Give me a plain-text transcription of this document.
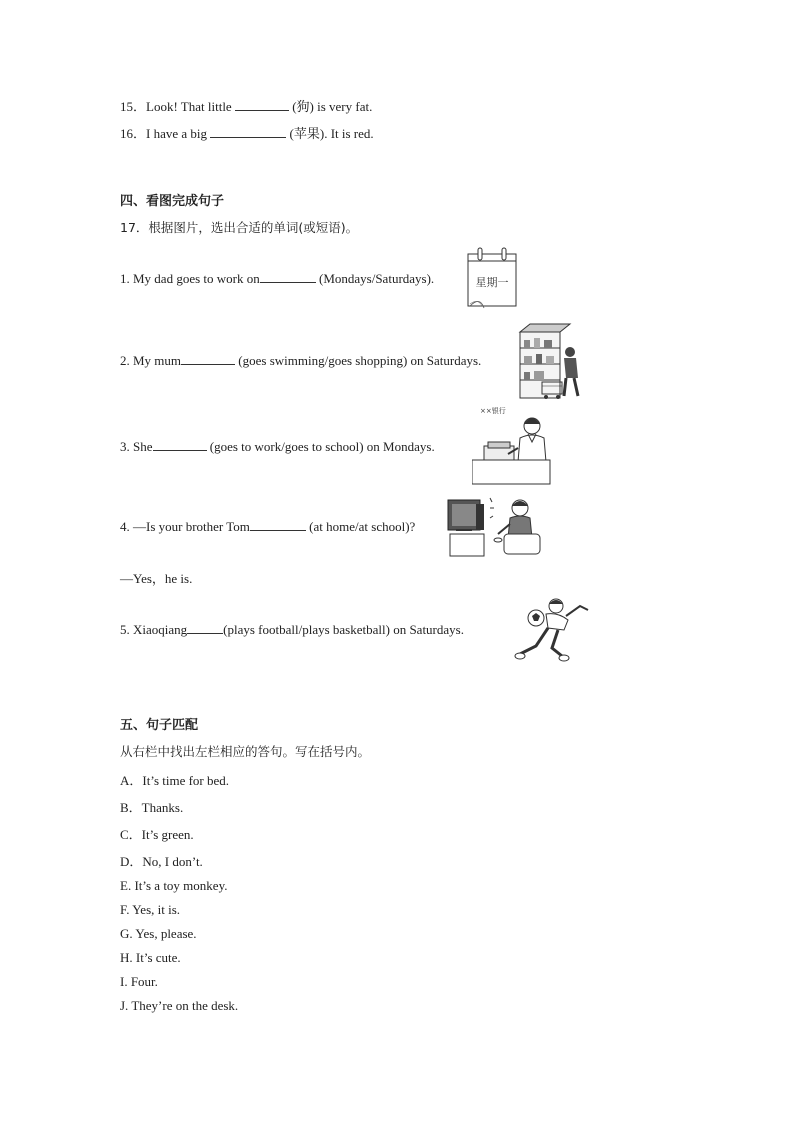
15．Look! That little	(狗) is very fat.
16．I have a big	(苹果). It is red.
四、看图完成句子
17．根据图片，选出合适的单词(或短语)。
1. My dad goes to work on	(Mondays/Saturdays).
2. My mum	(goes swimming/goes shopping) on Saturdays.
3. She	(goes to work/goes to school) on Mondays.
4. —Is your brother Tom	(at home/at school)?
—Yes，he is.
5. Xiaoqiang	(plays football/plays basketball) on Saturdays.
星期一
××银行
五、句子匹配
从右栏中找出左栏相应的答句。写在括号内。
A．It’s time for bed.
B．Thanks.
C．It’s green.
D．No, I don’t.
E. It’s a toy monkey.
F. Yes, it is.
G. Yes, please.
H. It’s cute.
I. Four.
J. They’re on the desk.
